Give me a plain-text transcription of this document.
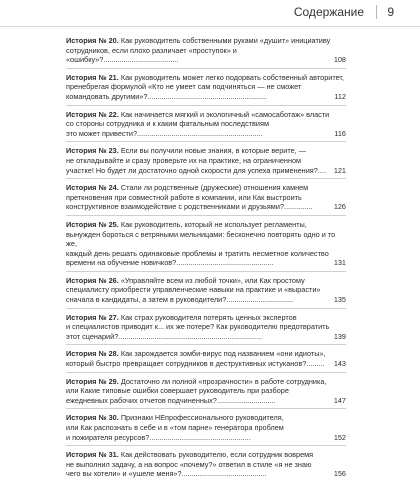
Содержание 9
История № 20. Как руководитель собственными руками «душит» инициативу
сотрудников, если плохо различает «проступок» и «ошибку»?.....................................	108
История № 21. Как руководитель может легко подорвать собственный авторитет,
пренебрегая формулой «Кто не умеет сам подчиняться — не сможет
командовать другими»?...........................................................	112
История № 22. Как начинается мягкий и экологичный «самосаботаж» власти
со стороны сотрудника и к каким фатальным последствиям
это может привести?..............................................................	116
История № 23. Если вы получили новые знания, в которые верите, —
не откладывайте и сразу проверьте их на практике, на ограниченном
участке! Но будет ли достаточно одной скорости для успеха применения?.... 121
История № 24. Стали ли родственные (дружеские) отношения камнем
преткновения при совместной работе в компании, или Как выстроить
конструктивное взаимодействие с родственниками и друзьями?..............	126
История № 25. Как руководитель, который не использует регламенты,
вынужден бороться с ветряными мельницами: бесконечно повторять одно и то же,
каждый день решать одинаковые проблемы и тратить несметное количество
времени на обучение новичков?................................................	131
История № 26. «Управляйте всем из любой точки», или Как простому
специалисту приобрести управленческие навыки на практике и «вырасти»
сначала в кандидаты, а затем в руководители?.................................	135
История № 27. Как страх руководителя потерять ценных экспертов
и специалистов приводит к... их же потере? Как руководителю предотвратить
этот сценарий?.......................................................................	139
История № 28. Как зарождается зомби-вирус под названием «они идиоты»,
который быстро превращает сотрудников в деструктивных истуканов?......... 143
История № 29. Достаточно ли полной «прозрачности» в работе сотрудника,
или Какие типовые ошибки совершает руководитель при разборе
ежедневных рабочих отчетов подчиненных?.............................	147
История № 30. Признаки НЕпрофессионального руководителя,
или Как распознать в себе и в «том парне» генератора проблем
и пожирателя ресурсов?..................................................	152
История № 31. Как действовать руководителю, если сотрудник вовремя
не выполнил задачу, а на вопрос «почему?» ответил в стиле «я не знаю
чего вы хотели» и «ушеле меня»?..........................................	156
